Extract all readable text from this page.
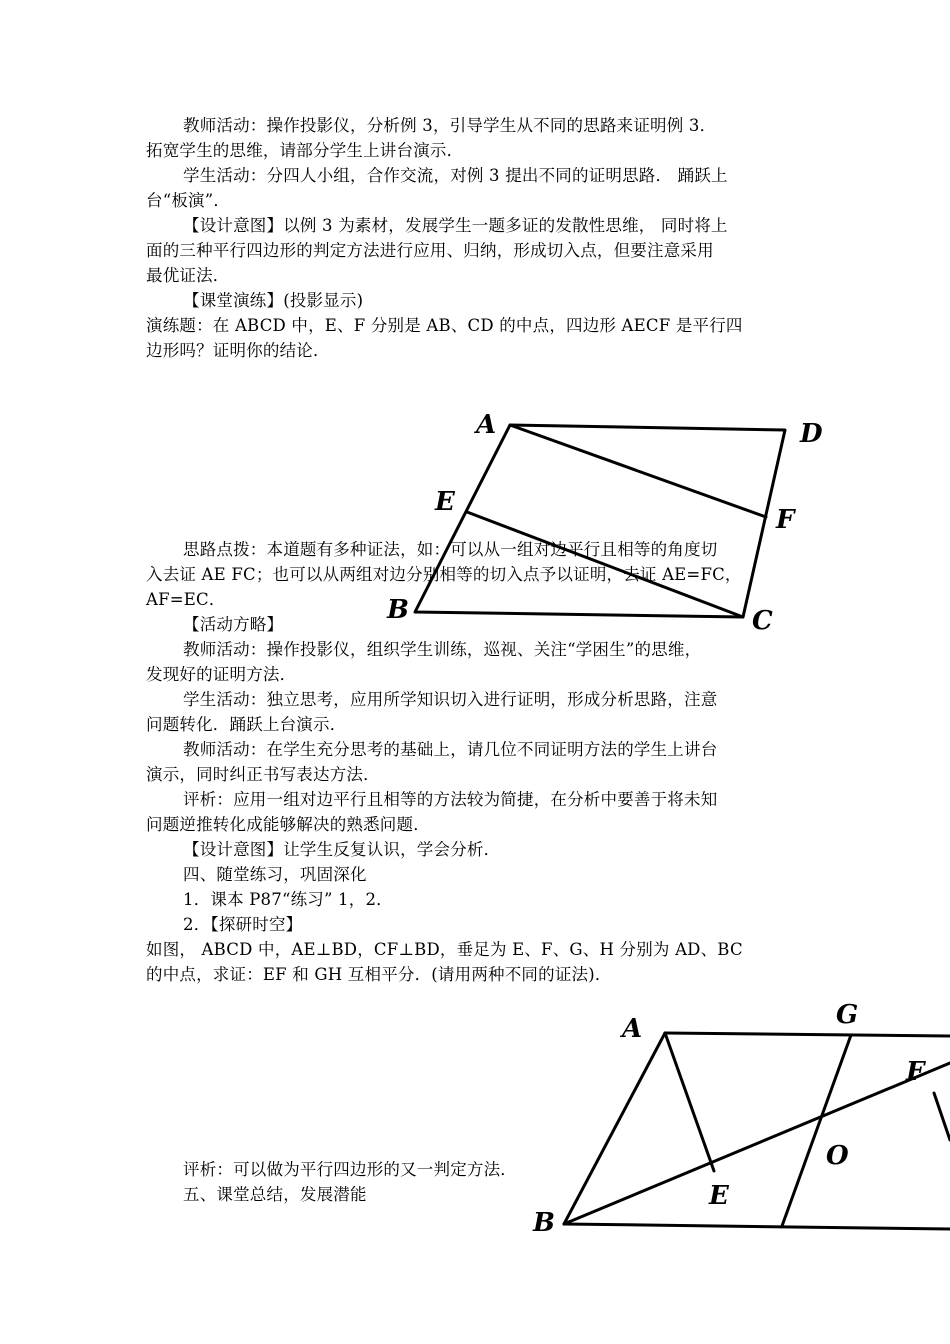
教师活动：操作投影仪，分析例 3，引导学生从不同的思路来证明例 3．
拓宽学生的思维，请部分学生上讲台演示．
学生活动：分四人小组，合作交流，对例 3 提出不同的证明思路． 踊跃上
台“板演”．
【设计意图】以例 3 为素材，发展学生一题多证的发散性思维， 同时将上
面的三种平行四边形的判定方法进行应用、归纳，形成切入点，但要注意采用
最优证法．
【课堂演练】(投影显示)
演练题：在 ABCD 中，E、F 分别是 AB、CD 的中点，四边形 AECF 是平行四
边形吗？证明你的结论．
思路点拨：本道题有多种证法，如：可以从一组对边平行且相等的角度切
入去证 AE FC；也可以从两组对边分别相等的切入点予以证明，去证 AE=FC，
AF=EC．
【活动方略】
教师活动：操作投影仪，组织学生训练，巡视、关注“学困生”的思维，
发现好的证明方法．
学生活动：独立思考，应用所学知识切入进行证明，形成分析思路，注意
问题转化．踊跃上台演示．
教师活动：在学生充分思考的基础上，请几位不同证明方法的学生上讲台
演示，同时纠正书写表达方法．
评析：应用一组对边平行且相等的方法较为简捷，在分析中要善于将未知
问题逆推转化成能够解决的熟悉问题．
【设计意图】让学生反复认识，学会分析．
四、随堂练习，巩固深化
1．课本 P87“练习” 1，2．
2．【探研时空】
如图， ABCD 中，AE⊥BD，CF⊥BD，垂足为 E、F、G、H 分别为 AD、BC
的中点，求证：EF 和 GH 互相平分．(请用两种不同的证法)．
评析：可以做为平行四边形的又一判定方法．
五、课堂总结，发展潜能
A	D
E
F
B	C
A	G
F
O
E
B
